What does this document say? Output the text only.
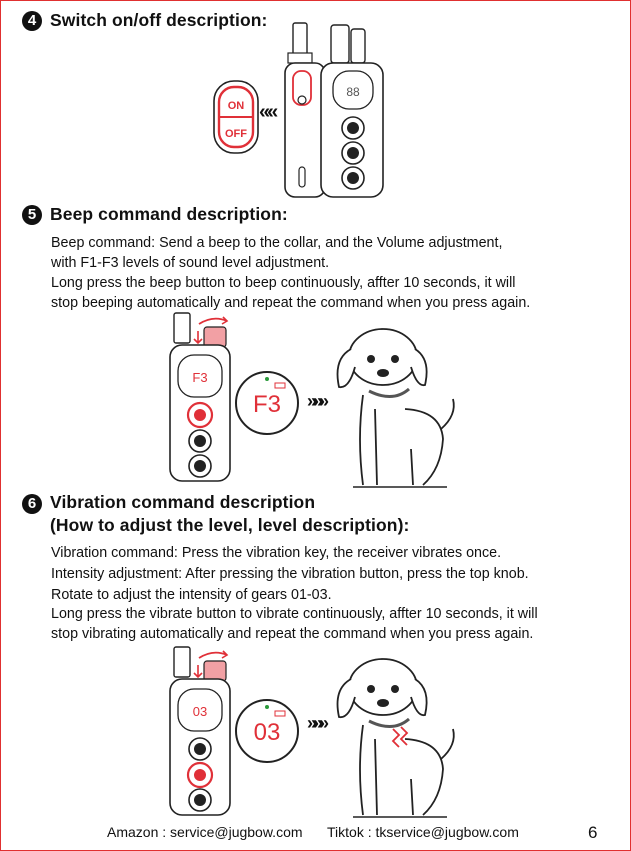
4 Switch on/off description:
ON
OFF
««
88
5 Beep command description:
Beep command: Send a beep to the collar, and the Volume adjustment,
with F1-F3 levels of sound level adjustment.
Long press the beep button to beep continuously, affter 10 seconds, it will
stop beeping automatically and repeat the command when you press again.
F3
F3 »»»
6 Vibration command description
(How to adjust the level, level description):
Vibration command: Press the vibration key, the receiver vibrates once.
Intensity adjustment: After pressing the vibration button, press the top knob.
Rotate to adjust the intensity of gears 01-03.
Long press the vibrate button to vibrate continuously, affter 10 seconds, it will
stop vibrating automatically and repeat the command when you press again.
03
03 »»»
Amazon : service@jugbow.com Tiktok : tkservice@jugbow.com	6
